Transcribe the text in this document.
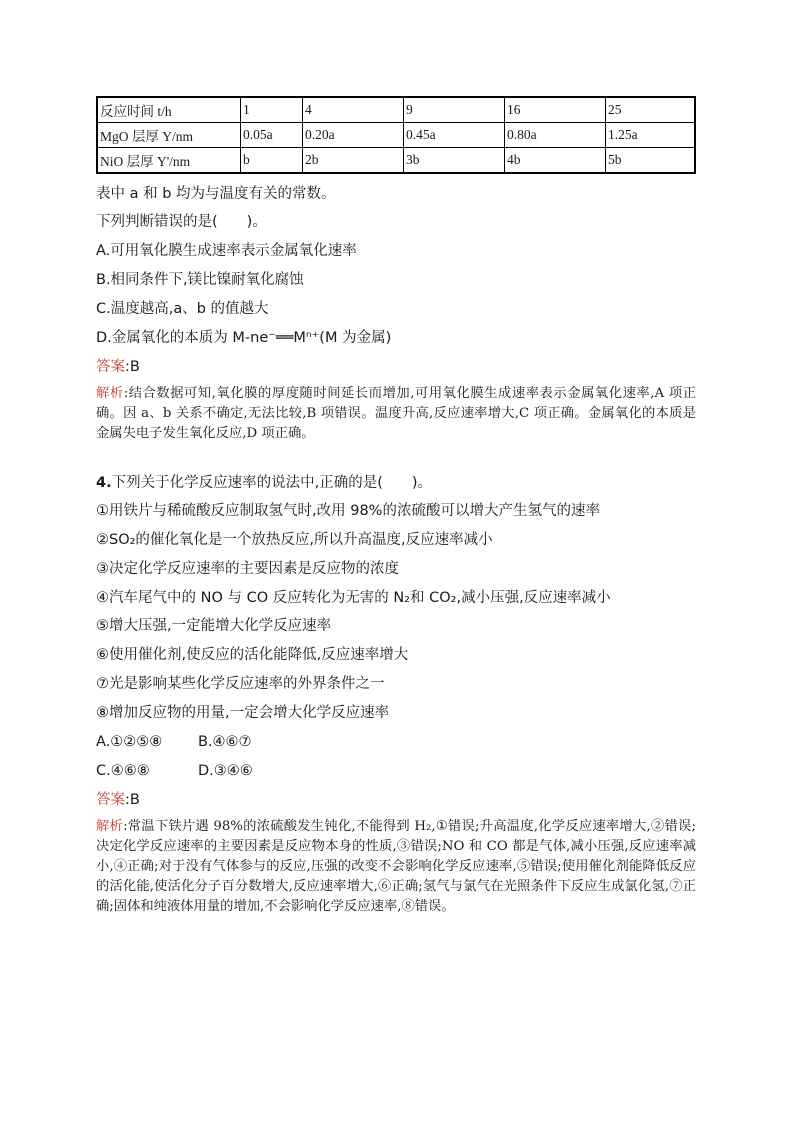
反应时间 t/h	1	4	9	16	25
MgO 层厚 Y/nm	0.05a	0.20a	0.45a	0.80a	1.25a
NiO 层厚 Y'/nm	b	2b	3b	4b	5b
表中 a 和 b 均为与温度有关的常数。
下列判断错误的是(　　)。
A.可用氧化膜生成速率表示金属氧化速率
B.相同条件下,镁比镍耐氧化腐蚀
C.温度越高,a、b 的值越大
D.金属氧化的本质为 M-ne⁻══Mⁿ⁺(M 为金属)
答案:B
解析:结合数据可知,氧化膜的厚度随时间延长而增加,可用氧化膜生成速率表示金属氧化速率,A 项正确。因 a、b 关系不确定,无法比较,B 项错误。温度升高,反应速率增大,C 项正确。金属氧化的本质是金属失电子发生氧化反应,D 项正确。
4.下列关于化学反应速率的说法中,正确的是(　　)。
①用铁片与稀硫酸反应制取氢气时,改用 98%的浓硫酸可以增大产生氢气的速率
②SO₂的催化氧化是一个放热反应,所以升高温度,反应速率减小
③决定化学反应速率的主要因素是反应物的浓度
④汽车尾气中的 NO 与 CO 反应转化为无害的 N₂和 CO₂,减小压强,反应速率减小
⑤增大压强,一定能增大化学反应速率
⑥使用催化剂,使反应的活化能降低,反应速率增大
⑦光是影响某些化学反应速率的外界条件之一
⑧增加反应物的用量,一定会增大化学反应速率
A.①②⑤⑧ B.④⑥⑦
C.④⑥⑧	D.③④⑥
答案:B
解析:常温下铁片遇 98%的浓硫酸发生钝化,不能得到 H₂,①错误;升高温度,化学反应速率增大,②错误;决定化学反应速率的主要因素是反应物本身的性质,③错误;NO 和 CO 都是气体,减小压强,反应速率减小,④正确;对于没有气体参与的反应,压强的改变不会影响化学反应速率,⑤错误;使用催化剂能降低反应的活化能,使活化分子百分数增大,反应速率增大,⑥正确;氢气与氯气在光照条件下反应生成氯化氢,⑦正确;固体和纯液体用量的增加,不会影响化学反应速率,⑧错误。
